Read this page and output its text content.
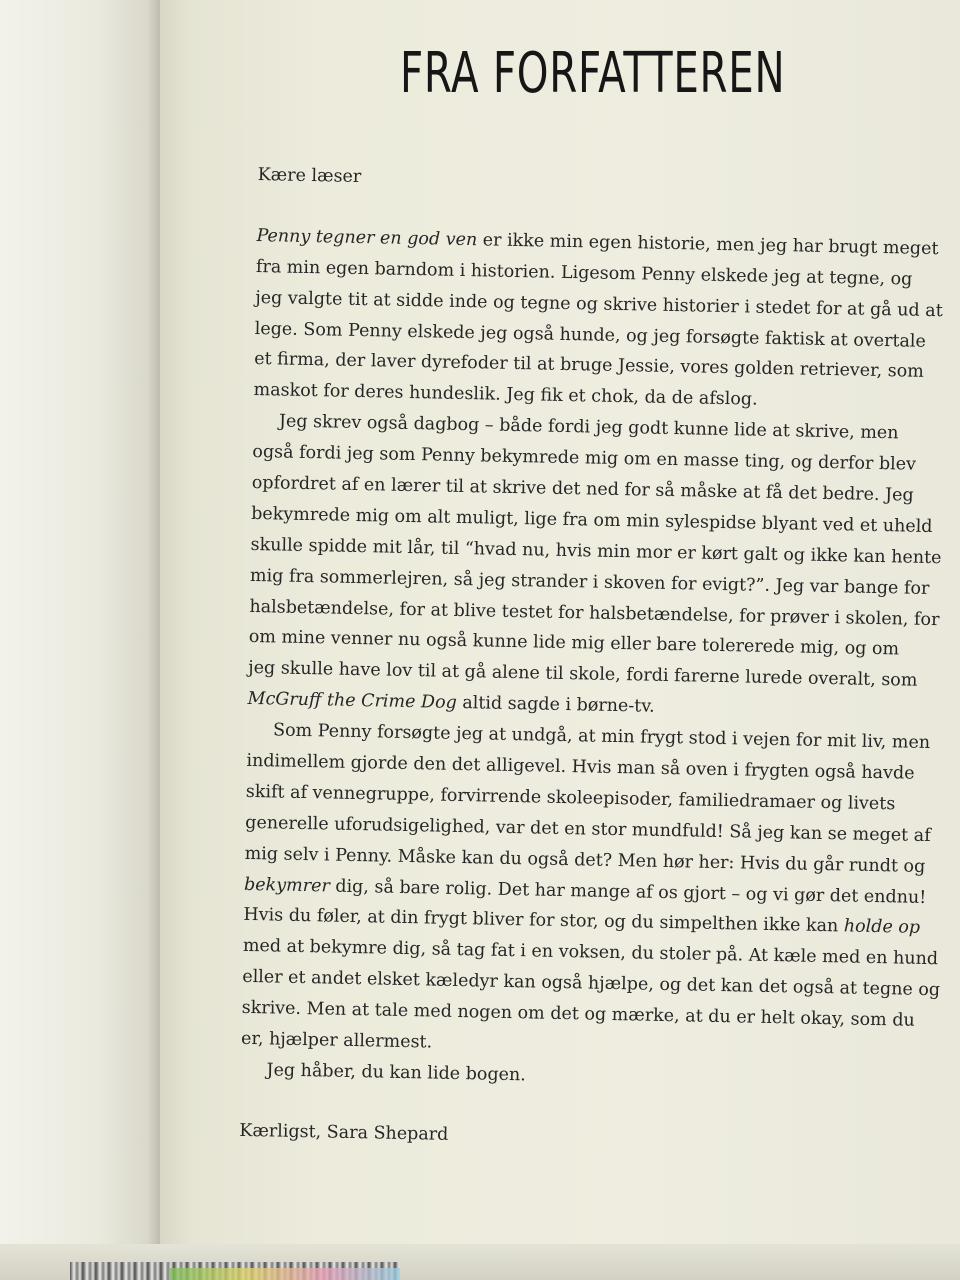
FRA FORFATTEREN
Kære læser
Penny tegner en god ven er ikke min egen historie, men jeg har brugt meget
fra min egen barndom i historien. Ligesom Penny elskede jeg at tegne, og
jeg valgte tit at sidde inde og tegne og skrive historier i stedet for at gå ud at
lege. Som Penny elskede jeg også hunde, og jeg forsøgte faktisk at overtale
et firma, der laver dyrefoder til at bruge Jessie, vores golden retriever, som
maskot for deres hundeslik. Jeg fik et chok, da de afslog.
Jeg skrev også dagbog – både fordi jeg godt kunne lide at skrive, men
også fordi jeg som Penny bekymrede mig om en masse ting, og derfor blev
opfordret af en lærer til at skrive det ned for så måske at få det bedre. Jeg
bekymrede mig om alt muligt, lige fra om min sylespidse blyant ved et uheld
skulle spidde mit lår, til “hvad nu, hvis min mor er kørt galt og ikke kan hente
mig fra sommerlejren, så jeg strander i skoven for evigt?”. Jeg var bange for
halsbetændelse, for at blive testet for halsbetændelse, for prøver i skolen, for
om mine venner nu også kunne lide mig eller bare tolererede mig, og om
jeg skulle have lov til at gå alene til skole, fordi farerne lurede overalt, som
McGruff the Crime Dog altid sagde i børne-tv.
Som Penny forsøgte jeg at undgå, at min frygt stod i vejen for mit liv, men
indimellem gjorde den det alligevel. Hvis man så oven i frygten også havde
skift af vennegruppe, forvirrende skoleepisoder, familiedramaer og livets
generelle uforudsigelighed, var det en stor mundfuld! Så jeg kan se meget af
mig selv i Penny. Måske kan du også det? Men hør her: Hvis du går rundt og
bekymrer dig, så bare rolig. Det har mange af os gjort – og vi gør det endnu!
Hvis du føler, at din frygt bliver for stor, og du simpelthen ikke kan holde op
med at bekymre dig, så tag fat i en voksen, du stoler på. At kæle med en hund
eller et andet elsket kæledyr kan også hjælpe, og det kan det også at tegne og
skrive. Men at tale med nogen om det og mærke, at du er helt okay, som du
er, hjælper allermest.
Jeg håber, du kan lide bogen.
Kærligst, Sara Shepard
